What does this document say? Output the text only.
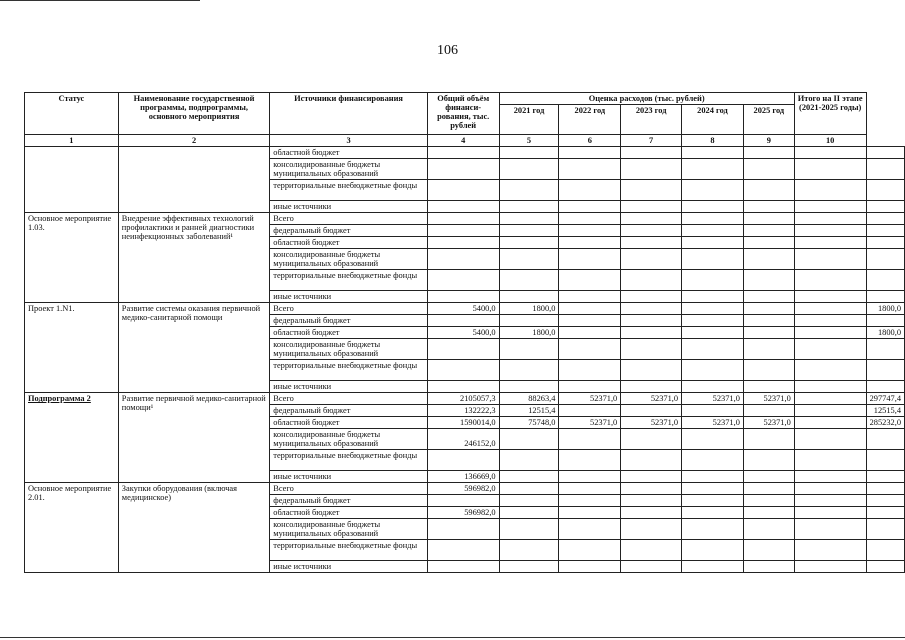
106
Статус	Наименование государственной программы, подпрограммы, основного мероприятия	Источники финансирования	Общий объём финанси-рования, тыс. рублей	Оценка расходов (тыс. рублей)					Итого на II этапе (2021-2025 годы)	
				2021 год	2022 год	2023 год	2024 год	2025 год		
1	2	3	4	5	6	7	8	9	10	
		областной бюджет								
		консолидированные бюджеты муниципальных образований								
		территориальные внебюджетные фонды								
		иные источники								
Основное мероприятие 1.03.	Внедрение эффективных технологий профилактики и ранней диагностики неинфекционных заболеваний¹	Всего								
		федеральный бюджет								
		областной бюджет								
		консолидированные бюджеты муниципальных образований								
		территориальные внебюджетные фонды								
		иные источники								
Проект 1.N1.	Развитие системы оказания первичной медико-санитарной помощи	Всего	5400,0	1800,0						1800,0
		федеральный бюджет								
		областной бюджет	5400,0	1800,0						1800,0
		консолидированные бюджеты муниципальных образований								
		территориальные внебюджетные фонды								
		иные источники								
Подпрограмма 2	Развитие первичной медико-санитарной помощи¹	Всего	2105057,3	88263,4	52371,0	52371,0	52371,0	52371,0		297747,4
		федеральный бюджет	132222,3	12515,4						12515,4
		областной бюджет	1590014,0	75748,0	52371,0	52371,0	52371,0	52371,0		285232,0
		консолидированные бюджеты муниципальных образований	246152,0							
		территориальные внебюджетные фонды								
		иные источники	136669,0							
Основное мероприятие 2.01.	Закупки оборудования (включая медицинское)	Всего	596982,0							
		федеральный бюджет								
		областной бюджет	596982,0							
		консолидированные бюджеты муниципальных образований								
		территориальные внебюджетные фонды								
		иные источники								
